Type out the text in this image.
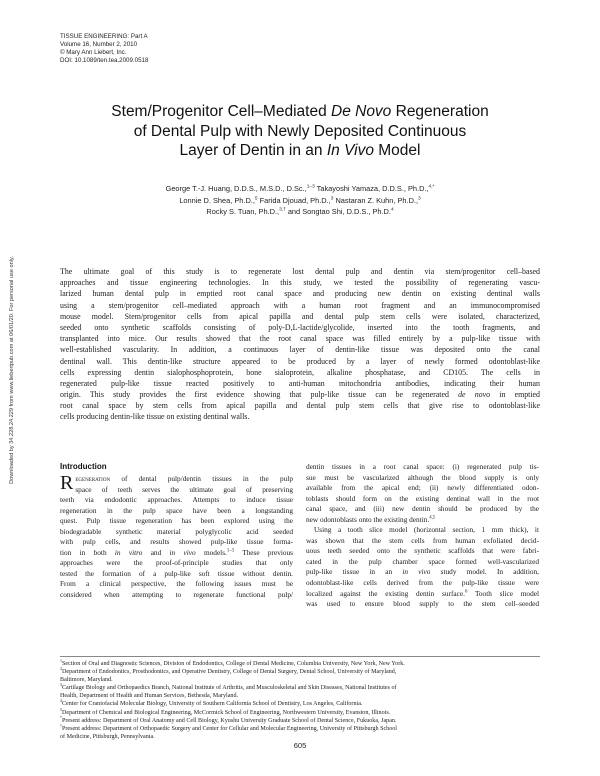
TISSUE ENGINEERING: Part A
Volume 16, Number 2, 2010
© Mary Ann Liebert, Inc.
DOI: 10.1089/ten.tea.2009.0518
Stem/Progenitor Cell–Mediated De Novo Regeneration
of Dental Pulp with Newly Deposited Continuous
Layer of Dentin in an In Vivo Model
George T.-J. Huang, D.D.S., M.S.D., D.Sc.,$^{1-3}$ Takayoshi Yamaza, D.D.S., Ph.D.,$^{4,*}$
Lonnie D. Shea, Ph.D.,$^5$ Farida Djouad, Ph.D.,$^3$ Nastaran Z. Kuhn, Ph.D.,$^3$
Rocky S. Tuan, Ph.D.,$^{3,\dagger}$ and Songtao Shi, D.D.S., Ph.D.$^4$
Downloaded by 34.228.24.229 from www.liebertpub.com at 06/01/20. For personal use only.	The ultimate goal of this study is to regenerate lost dental pulp and dentin via stem/progenitor cell–based
approaches and tissue engineering technologies. In this study, we tested the possibility of regenerating vascu-
larized human dental pulp in emptied root canal space and producing new dentin on existing dentinal walls
using a stem/progenitor cell–mediated approach with a human root fragment and an immunocompromised
mouse model. Stem/progenitor cells from apical papilla and dental pulp stem cells were isolated, characterized,
seeded onto synthetic scaffolds consisting of poly-D,L-lactide/glycolide, inserted into the tooth fragments, and
transplanted into mice. Our results showed that the root canal space was filled entirely by a pulp-like tissue with
well-established vascularity. In addition, a continuous layer of dentin-like tissue was deposited onto the canal
dentinal wall. This dentin-like structure appeared to be produced by a layer of newly formed odontoblast-like
cells expressing dentin sialophosphoprotein, bone sialoprotein, alkaline phosphatase, and CD105. The cells in
regenerated pulp-like tissue reacted positively to anti-human mitochondria antibodies, indicating their human
origin. This study provides the first evidence showing that pulp-like tissue can be regenerated de novo in emptied
root canal space by stem cells from apical papilla and dental pulp stem cells that give rise to odontoblast-like
cells producing dentin-like tissue on existing dentinal walls.
Introduction
R egeneration of dental pulp/dentin tissues in the pulp
space of teeth serves the ultimate goal of preserving
teeth via endodontic approaches. Attempts to induce tissue
regeneration in the pulp space have been a longstanding
quest. Pulp tissue regeneration has been explored using the
biodegradable synthetic material polyglycolic acid seeded
with pulp cells, and results showed pulp-like tissue forma-
tion in both in vitro and in vivo models.$^{1-3}$ These previous
approaches were the proof-of-principle studies that only
tested the formation of a pulp-like soft tissue without dentin.
From a clinical perspective, the following issues must be
considered when attempting to regenerate functional pulp/
dentin tissues in a root canal space: (i) regenerated pulp tis-
sue must be vascularized although the blood supply is only
available from the apical end; (ii) newly differentiated odon-
toblasts should form on the existing dentinal wall in the root
canal space, and (iii) new dentin should be produced by the
new odontoblasts onto the existing dentin.$^{4,5}$
Using a tooth slice model (horizontal section, 1 mm thick), it
was shown that the stem cells from human exfoliated decid-
uous teeth seeded onto the synthetic scaffolds that were fabri-
cated in the pulp chamber space formed well-vascularized
pulp-like tissue in an in vivo study model. In addition,
odontoblast-like cells derived from the pulp-like tissue were
localized against the existing dentin surface.$^6$ Tooth slice model
was used to ensure blood supply to the stem cell–seeded
$^1$Section of Oral and Diagnostic Sciences, Division of Endodontics, College of Dental Medicine, Columbia University, New York, New York.
$^2$Department of Endodontics, Prosthodontics, and Operative Dentistry, College of Dental Surgery, Dental School, University of Maryland,
Baltimore, Maryland.
$^3$Cartilage Biology and Orthopaedics Branch, National Institute of Arthritis, and Musculoskeletal and Skin Diseases, National Institutes of
Health, Department of Health and Human Services, Bethesda, Maryland.
$^4$Center for Craniofacial Molecular Biology, University of Southern California School of Dentistry, Los Angeles, California.
$^5$Department of Chemical and Biological Engineering, McCormick School of Engineering, Northwestern University, Evanston, Illinois.
*Present address: Department of Oral Anatomy and Cell Biology, Kyushu University Graduate School of Dental Science, Fukuoka, Japan.
†Present address: Department of Orthopaedic Surgery and Center for Cellular and Molecular Engineering, University of Pittsburgh School
of Medicine, Pittsburgh, Pennsylvania.
605
